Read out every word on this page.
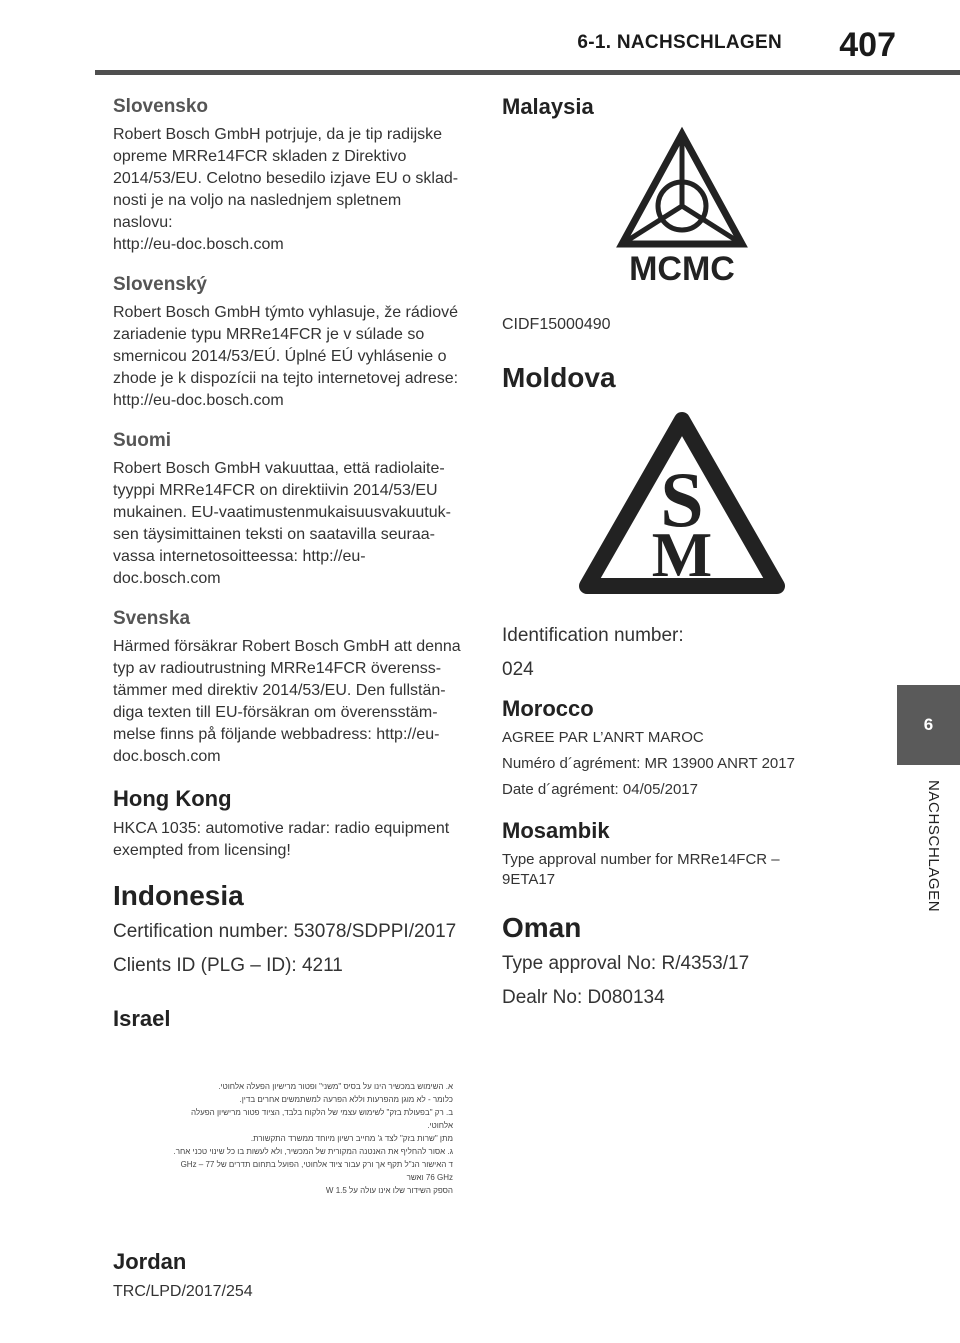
6-1. NACHSCHLAGEN	407
6
NACHSCHLAGEN
Slovensko

Robert Bosch GmbH potrjuje, da je tip radijske
opreme MRRe14FCR skladen z Direktivo
2014/53/EU. Celotno besedilo izjave EU o sklad-
nosti je na voljo na naslednjem spletnem naslovu:
http://eu-doc.bosch.com

Slovenský

Robert Bosch GmbH týmto vyhlasuje, že rádiové
zariadenie typu MRRe14FCR je v súlade so
smernicou 2014/53/EÚ. Úplné EÚ vyhlásenie o
zhode je k dispozícii na tejto internetovej adrese:
http://eu-doc.bosch.com

Suomi

Robert Bosch GmbH vakuuttaa, että radiolaite-
tyyppi MRRe14FCR on direktiivin 2014/53/EU
mukainen. EU-vaatimustenmukaisuusvakuutuk-
sen täysimittainen teksti on saatavilla seuraa-
vassa internetosoitteessa: http://eu-
doc.bosch.com

Svenska

Härmed försäkrar Robert Bosch GmbH att denna
typ av radioutrustning MRRe14FCR överenss-
tämmer med direktiv 2014/53/EU. Den fullstän-
diga texten till EU-försäkran om överensstäm-
melse finns på följande webbadress: http://eu-
doc.bosch.com

Hong Kong

HKCA 1035: automotive radar: radio equipment
exempted from licensing!

Indonesia

Certification number: 53078/SDPPI/2017

Clients ID (PLG – ID): 4211

Israel
א. השימוש במכשיר הינו על בסיס "משני" ופטור מרישיון הפעלה אלחוטי.
כלומר - לא מוגן מהפרעות וללא הפרעה למשתמשים אחרים בדין.
ב. רק "בפעולת בזק" לשימוש עצמי של הלקוח בלבד, הציוד פטור מרישיון הפעלה אלחוטי.
מתן "שרות בזק" לצד ג' מחייב רשיון מיוחד ממשרד התקשורת.
ג. אסור להחליף את האנטנה המקורית של המכשיר, ולא לעשות בו כל שינוי טכני אחר.
ד האישור הנ"ל תקף אך ורק עבור ציוד אלחוטי, הפועל בתחום תדרים של 77 GHz – 76 GHz ואשר
הספק השידור שלו אינו עולה על 1.5 W
Jordan

TRC/LPD/2017/254

Malaysia
MCMC

CIDF15000490

Moldova
S
M

Identification number:

024

Morocco

AGREE PAR L’ANRT MAROC

Numéro d´agrément: MR 13900 ANRT 2017

Date d´agrément: 04/05/2017

Mosambik

Type approval number for MRRe14FCR –

9ETA17

Oman

Type approval No: R/4353/17

Dealr No: D080134
